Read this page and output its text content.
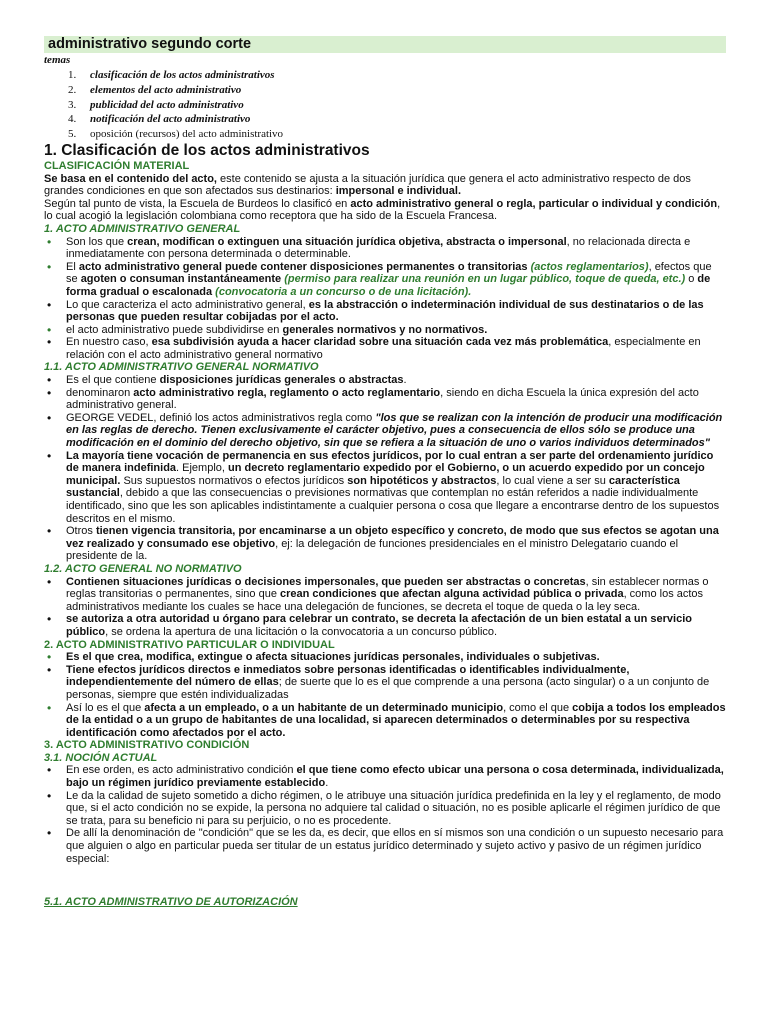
administrativo segundo corte
temas
1. clasificación de los actos administrativos
2. elementos del acto administrativo
3. publicidad del acto administrativo
4. notificación del acto administrativo
5. oposición (recursos) del acto administrativo
1. Clasificación de los actos administrativos
CLASIFICACIÓN MATERIAL

Se basa en el contenido del acto, este contenido se ajusta a la situación jurídica que genera el acto administrativo respecto de dos grandes condiciones en que son afectados sus destinarios: impersonal e individual.

Según tal punto de vista, la Escuela de Burdeos lo clasificó en acto administrativo general o regla, particular o individual y condición, lo cual acogió la legislación colombiana como receptora que ha sido de la Escuela Francesa.

1. ACTO ADMINISTRATIVO GENERAL
• Son los que crean, modifican o extinguen una situación jurídica objetiva, abstracta o impersonal, no relacionada directa e inmediatamente con persona determinada o determinable.
• El acto administrativo general puede contener disposiciones permanentes o transitorias (actos reglamentarios), efectos que se agoten o consuman instantáneamente (permiso para realizar una reunión en un lugar público, toque de queda, etc.) o de forma gradual o escalonada (convocatoria a un concurso o de una licitación).
• Lo que caracteriza el acto administrativo general, es la abstracción o indeterminación individual de sus destinatarios o de las personas que pueden resultar cobijadas por el acto.
• el acto administrativo puede subdividirse en generales normativos y no normativos.
• En nuestro caso, esa subdivisión ayuda a hacer claridad sobre una situación cada vez más problemática, especialmente en relación con el acto administrativo general normativo
1.1. ACTO ADMINISTRATIVO GENERAL NORMATIVO
• Es el que contiene disposiciones jurídicas generales o abstractas.
• denominaron acto administrativo regla, reglamento o acto reglamentario, siendo en dicha Escuela la única expresión del acto administrativo general.
• GEORGE VEDEL, definió los actos administrativos regla como "los que se realizan con la intención de producir una modificación en las reglas de derecho. Tienen exclusivamente el carácter objetivo, pues a consecuencia de ellos sólo se produce una modificación en el dominio del derecho objetivo, sin que se refiera a la situación de uno o varios individuos determinados"
• La mayoría tiene vocación de permanencia en sus efectos jurídicos, por lo cual entran a ser parte del ordenamiento jurídico de manera indefinida. Ejemplo, un decreto reglamentario expedido por el Gobierno, o un acuerdo expedido por un concejo municipal. Sus supuestos normativos o efectos jurídicos son hipotéticos y abstractos, lo cual viene a ser su característica sustancial, debido a que las consecuencias o previsiones normativas que contemplan no están referidos a nadie individualmente identificado, sino que les son aplicables indistintamente a cualquier persona o cosa que llegare a encontrarse dentro de los supuestos descritos en el mismo.
• Otros tienen vigencia transitoria, por encaminarse a un objeto específico y concreto, de modo que sus efectos se agotan una vez realizado y consumado ese objetivo, ej: la delegación de funciones presidenciales en el ministro Delegatario cuando el presidente de la.
1.2. ACTO GENERAL NO NORMATIVO
• Contienen situaciones jurídicas o decisiones impersonales, que pueden ser abstractas o concretas, sin establecer normas o reglas transitorias o permanentes, sino que crean condiciones que afectan alguna actividad pública o privada, como los actos administrativos mediante los cuales se hace una delegación de funciones, se decreta el toque de queda o la ley seca.
• se autoriza a otra autoridad u órgano para celebrar un contrato, se decreta la afectación de un bien estatal a un servicio público, se ordena la apertura de una licitación o la convocatoria a un concurso público.
2. ACTO ADMINISTRATIVO PARTICULAR O INDIVIDUAL
• Es el que crea, modifica, extingue o afecta situaciones jurídicas personales, individuales o subjetivas.
• Tiene efectos jurídicos directos e inmediatos sobre personas identificadas o identificables individualmente, independientemente del número de ellas; de suerte que lo es el que comprende a una persona (acto singular) o a un conjunto de personas, siempre que estén individualizadas
• Así lo es el que afecta a un empleado, o a un habitante de un determinado municipio, como el que cobija a todos los empleados de la entidad o a un grupo de habitantes de una localidad, si aparecen determinados o determinables por su respectiva identificación como afectados por el acto.
3. ACTO ADMINISTRATIVO CONDICIÓN
3.1. NOCIÓN ACTUAL
• En ese orden, es acto administrativo condición el que tiene como efecto ubicar una persona o cosa determinada, individualizada, bajo un régimen jurídico previamente establecido.
• Le da la calidad de sujeto sometido a dicho régimen, o le atribuye una situación jurídica predefinida en la ley y el reglamento, de modo que, si el acto condición no se expide, la persona no adquiere tal calidad o situación, no es posible aplicarle el régimen jurídico de que se trata, para su beneficio ni para su perjuicio, o no es procedente.
• De allí la denominación de "condición" que se les da, es decir, que ellos en sí mismos son una condición o un supuesto necesario para que alguien o algo en particular pueda ser titular de un estatus jurídico determinado y sujeto activo y pasivo de un régimen jurídico especial:
5.1. ACTO ADMINISTRATIVO DE AUTORIZACIÓN
